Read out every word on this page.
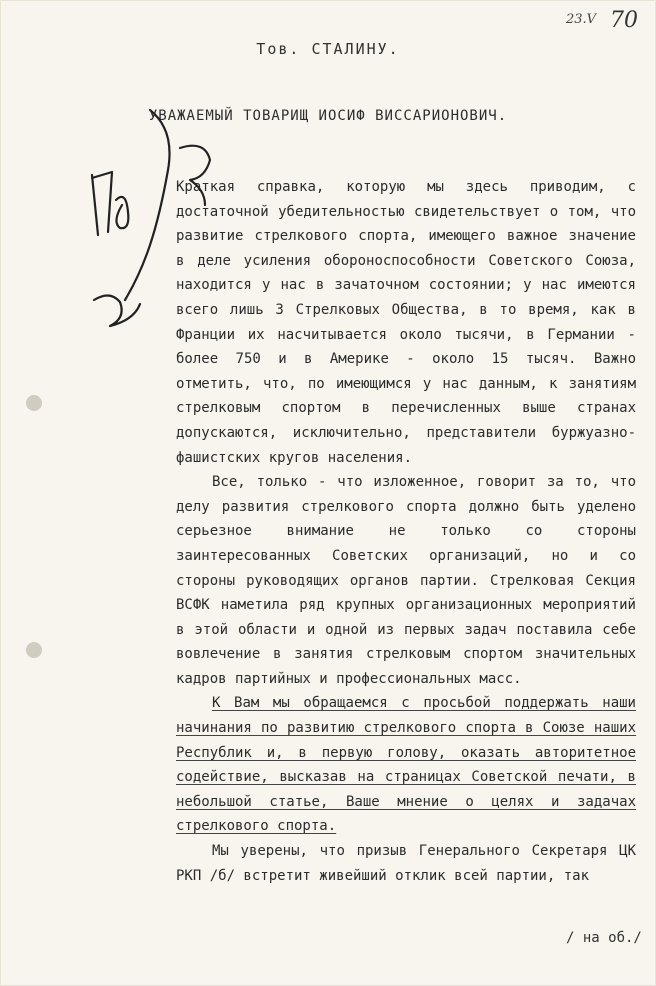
23.V 70
Тов. СТАЛИНУ.
УВАЖАЕМЫЙ ТОВАРИЩ ИОСИФ ВИССАРИОНОВИЧ.

Краткая справка, которую мы здесь приводим, с достаточной убедительностью свидетельствует о том, что развитие стрелкового спорта, имеющего важное значение в деле усиления обороноспособности Советского Союза, находится у нас в зачаточном состоянии; у нас имеются всего лишь 3 Стрелковых Общества, в то время, как в Франции их насчитывается около тысячи, в Германии - более 750 и в Америке - около 15 тысяч. Важно отметить, что, по имеющимся у нас данным, к занятиям стрелковым спортом в перечисленных выше странах допускаются, исключительно, представители буржуазно-фашистских кругов населения.

Все, только - что изложенное, говорит за то, что делу развития стрелкового спорта должно быть уделено серьезное внимание не только со стороны заинтересованных Советских организаций, но и со стороны руководящих органов партии. Стрелковая Секция ВСФК наметила ряд крупных организационных мероприятий в этой области и одной из первых задач поставила себе вовлечение в занятия стрелковым спортом значительных кадров партийных и профессиональных масс.

К Вам мы обращаемся с просьбой поддержать наши начинания по развитию стрелкового спорта в Союзе наших Республик и, в первую голову, оказать авторитетное содействие, высказав на страницах Советской печати, в небольшой статье, Ваше мнение о целях и задачах стрелкового спорта.

Мы уверены, что призыв Генерального Секретаря ЦК РКП /б/ встретит живейший отклик всей партии, так

/ на об./
